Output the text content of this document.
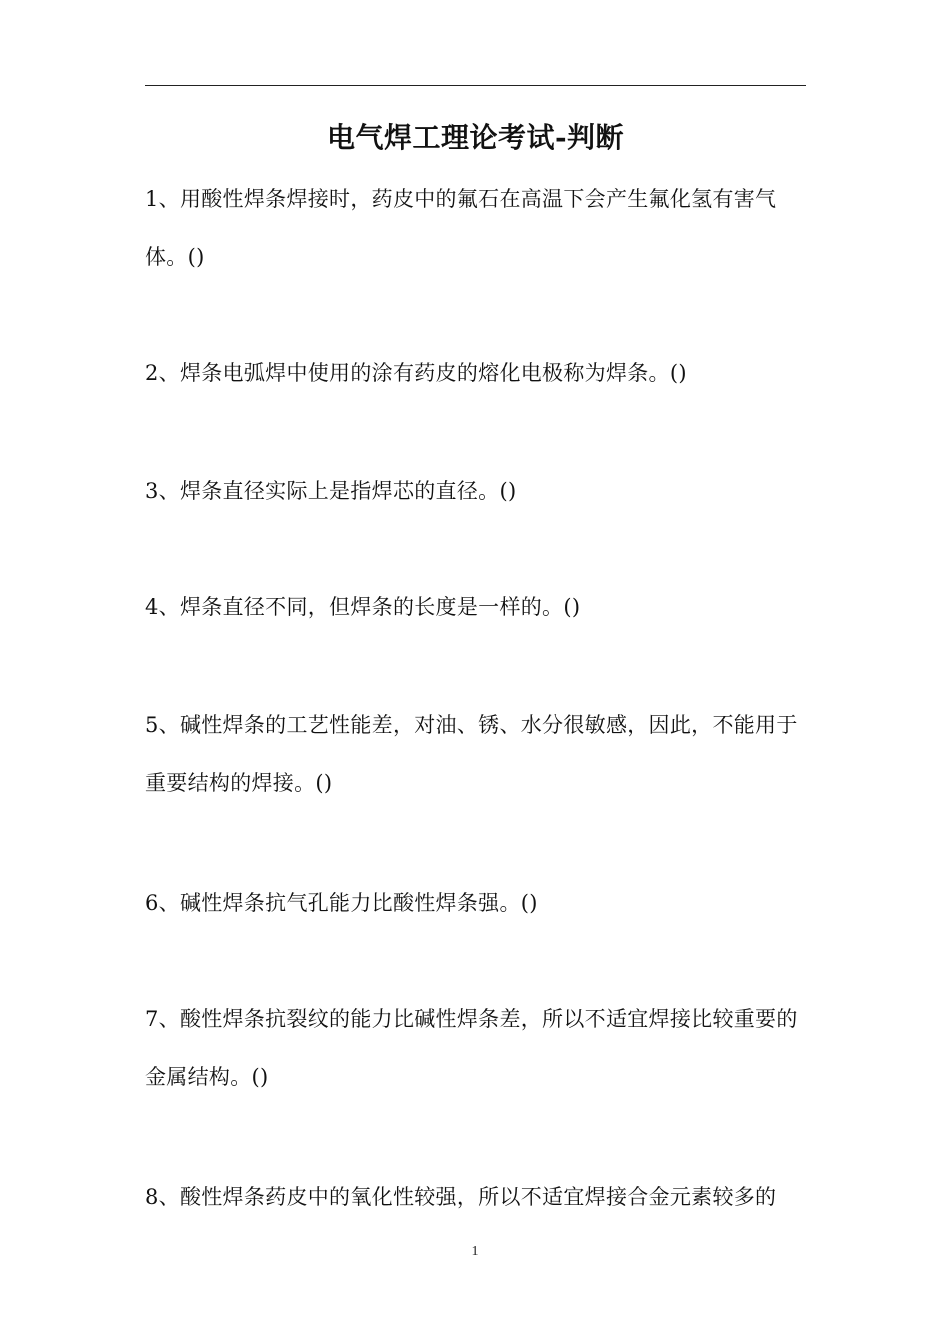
电气焊工理论考试-判断
1、用酸性焊条焊接时，药皮中的氟石在高温下会产生氟化氢有害气体。()
2、焊条电弧焊中使用的涂有药皮的熔化电极称为焊条。()
3、焊条直径实际上是指焊芯的直径。()
4、焊条直径不同，但焊条的长度是一样的。()
5、碱性焊条的工艺性能差，对油、锈、水分很敏感，因此，不能用于重要结构的焊接。()
6、碱性焊条抗气孔能力比酸性焊条强。()
7、酸性焊条抗裂纹的能力比碱性焊条差，所以不适宜焊接比较重要的金属结构。()
8、酸性焊条药皮中的氧化性较强，所以不适宜焊接合金元素较多的
1
